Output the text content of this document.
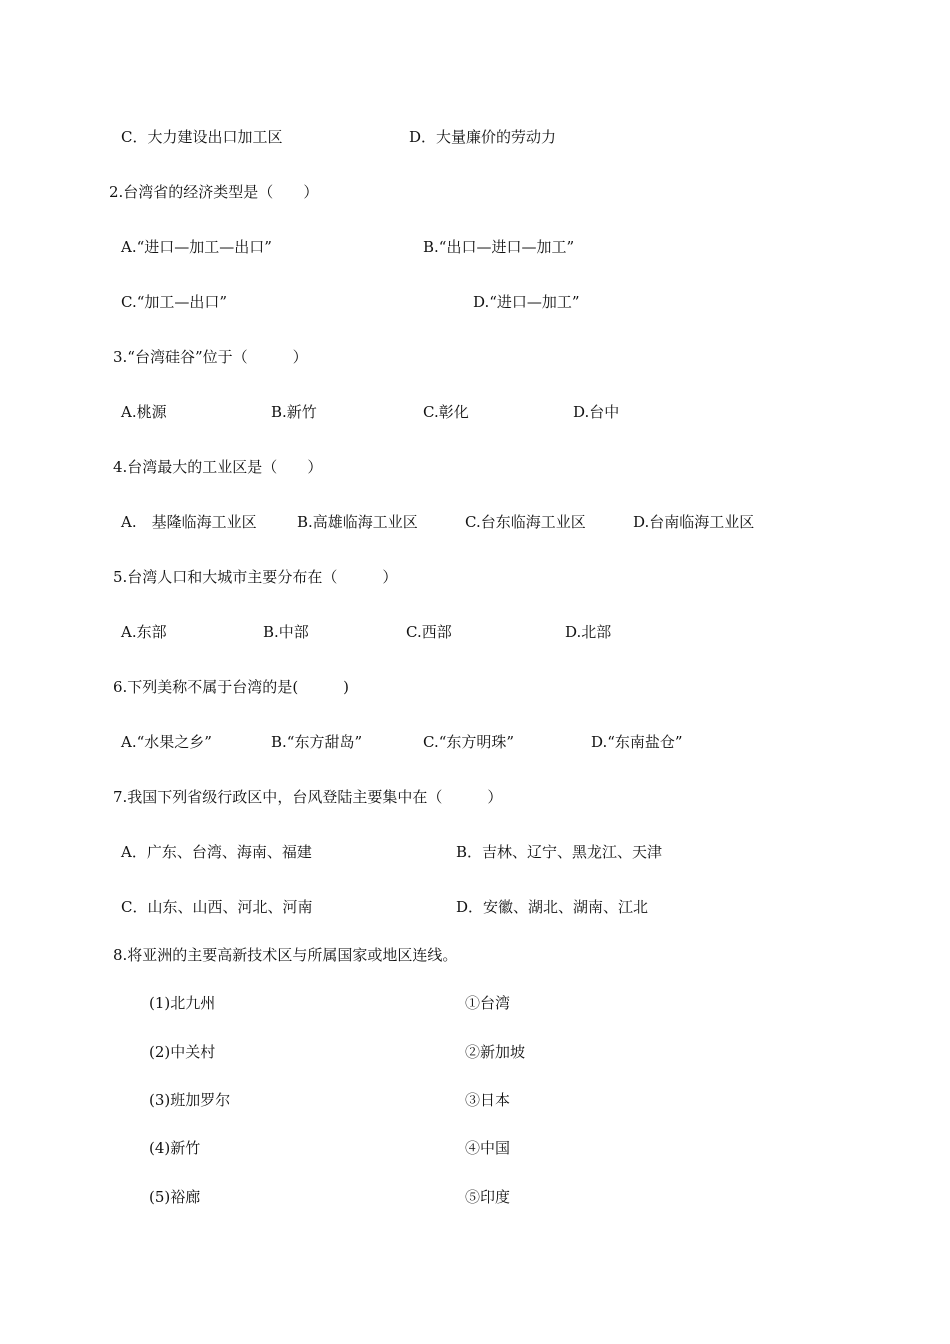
C．大力建设出口加工区	D．大量廉价的劳动力
2.台湾省的经济类型是（　　）
A.“进口—加工—出口”	B.“出口—进口—加工”
C.“加工—出口”	D.“进口—加工”
3.“台湾硅谷”位于（　　　）
A.桃源	B.新竹	C.彰化	D.台中
4.台湾最大的工业区是（　　）
A.　基隆临海工业区	B.高雄临海工业区	C.台东临海工业区	D.台南临海工业区
5.台湾人口和大城市主要分布在（　　　）
A.东部	B.中部	C.西部	D.北部
6.下列美称不属于台湾的是(　　　)
A.“水果之乡”	B.“东方甜岛”	C.“东方明珠”	D.“东南盐仓”
7.我国下列省级行政区中，台风登陆主要集中在（　　　）
A．广东、台湾、海南、福建	B．吉林、辽宁、黑龙江、天津
C．山东、山西、河北、河南	D．安徽、湖北、湖南、江北
8.将亚洲的主要高新技术区与所属国家或地区连线。
(1)北九州	①台湾
(2)中关村	②新加坡
(3)班加罗尔	③日本
(4)新竹	④中国
(5)裕廊	⑤印度
